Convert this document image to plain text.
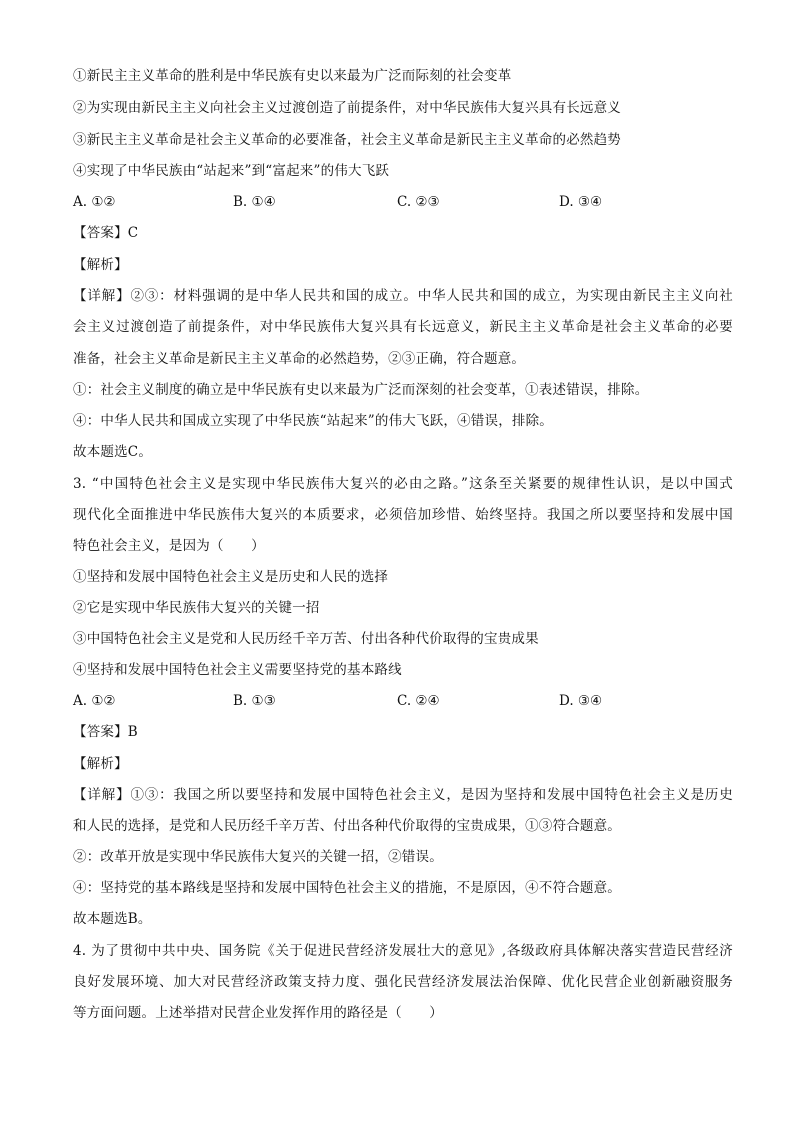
①新民主主义革命的胜利是中华民族有史以来最为广泛而际刻的社会变革
②为实现由新民主主义向社会主义过渡创造了前提条件，对中华民族伟大复兴具有长远意义
③新民主主义革命是社会主义革命的必要准备，社会主义革命是新民主主义革命的必然趋势
④实现了中华民族由“站起来”到“富起来”的伟大飞跃
A. ①②	B. ①④	C. ②③	D. ③④
【答案】C
【解析】
【详解】②③：材料强调的是中华人民共和国的成立。中华人民共和国的成立，为实现由新民主主义向社
会主义过渡创造了前提条件，对中华民族伟大复兴具有长远意义，新民主主义革命是社会主义革命的必要
准备，社会主义革命是新民主主义革命的必然趋势，②③正确，符合题意。
①：社会主义制度的确立是中华民族有史以来最为广泛而深刻的社会变革，①表述错误，排除。
④：中华人民共和国成立实现了中华民族“站起来”的伟大飞跃，④错误，排除。
故本题选C。
3. “中国特色社会主义是实现中华民族伟大复兴的必由之路。”这条至关紧要的规律性认识，是以中国式
现代化全面推进中华民族伟大复兴的本质要求，必须倍加珍惜、始终坚持。我国之所以要坚持和发展中国
特色社会主义，是因为（　　）
①坚持和发展中国特色社会主义是历史和人民的选择
②它是实现中华民族伟大复兴的关键一招
③中国特色社会主义是党和人民历经千辛万苦、付出各种代价取得的宝贵成果
④坚持和发展中国特色社会主义需要坚持党的基本路线
A. ①②	B. ①③	C. ②④	D. ③④
【答案】B
【解析】
【详解】①③：我国之所以要坚持和发展中国特色社会主义，是因为坚持和发展中国特色社会主义是历史
和人民的选择，是党和人民历经千辛万苦、付出各种代价取得的宝贵成果，①③符合题意。
②：改革开放是实现中华民族伟大复兴的关键一招，②错误。
④：坚持党的基本路线是坚持和发展中国特色社会主义的措施，不是原因，④不符合题意。
故本题选B。
4. 为了贯彻中共中央、国务院《关于促进民营经济发展壮大的意见》,各级政府具体解决落实营造民营经济
良好发展环境、加大对民营经济政策支持力度、强化民营经济发展法治保障、优化民营企业创新融资服务
等方面问题。上述举措对民营企业发挥作用的路径是（　　）
